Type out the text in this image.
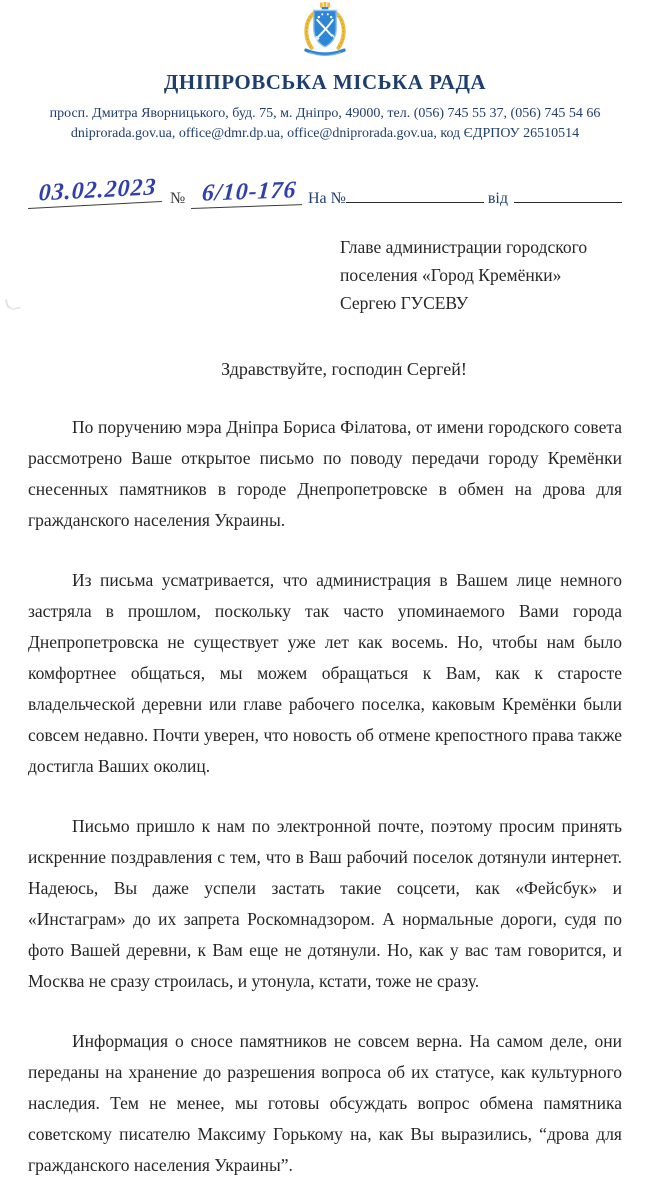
ДНІПРОВСЬКА МІСЬКА РАДА
просп. Дмитра Яворницького, буд. 75, м. Дніпро, 49000, тел. (056) 745 55 37, (056) 745 54 66
dniprorada.gov.ua, office@dmr.dp.ua, office@dniprorada.gov.ua, код ЄДРПОУ 26510514
03.02.2023 № 6/10-176 На №	від
Главе администрации городского
поселения «Город Кремёнки»
Сергею ГУСЕВУ
Здравствуйте, господин Сергей!

По поручению мэра Дніпра Бориса Філатова, от имени городского совета рассмотрено Ваше открытое письмо по поводу передачи городу Кремёнки снесенных памятников в городе Днепропетровске в обмен на дрова для гражданского населения Украины.

Из письма усматривается, что администрация в Вашем лице немного застряла в прошлом, поскольку так часто упоминаемого Вами города Днепропетровска не существует уже лет как восемь. Но, чтобы нам было комфортнее общаться, мы можем обращаться к Вам, как к старосте владельческой деревни или главе рабочего поселка, каковым Кремёнки были совсем недавно. Почти уверен, что новость об отмене крепостного права также достигла Ваших околиц.

Письмо пришло к нам по электронной почте, поэтому просим принять искренние поздравления с тем, что в Ваш рабочий поселок дотянули интернет. Надеюсь, Вы даже успели застать такие соцсети, как «Фейсбук» и «Инстаграм» до их запрета Роскомнадзором. А нормальные дороги, судя по фото Вашей деревни, к Вам еще не дотянули. Но, как у вас там говорится, и Москва не сразу строилась, и утонула, кстати, тоже не сразу.

Информация о сносе памятников не совсем верна. На самом деле, они переданы на хранение до разрешения вопроса об их статусе, как культурного наследия. Тем не менее, мы готовы обсуждать вопрос обмена памятника советскому писателю Максиму Горькому на, как Вы выразились, “дрова для гражданского населения Украины”.
